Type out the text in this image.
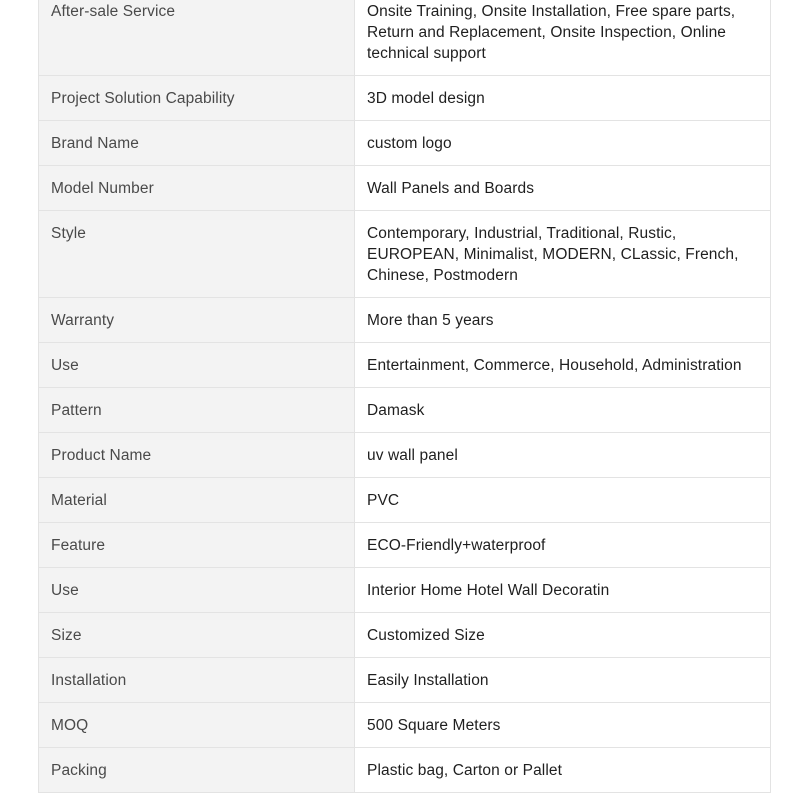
After-sale Service	Onsite Training, Onsite Installation, Free spare parts, Return and Replacement, Onsite Inspection, Online technical support
Project Solution Capability	3D model design
Brand Name	custom logo
Model Number	Wall Panels and Boards
Style	Contemporary, Industrial, Traditional, Rustic, EUROPEAN, Minimalist, MODERN, CLassic, French, Chinese, Postmodern
Warranty	More than 5 years
Use	Entertainment, Commerce, Household, Administration
Pattern	Damask
Product Name	uv wall panel
Material	PVC
Feature	ECO-Friendly+waterproof
Use	Interior Home Hotel Wall Decoratin
Size	Customized Size
Installation	Easily Installation
MOQ	500 Square Meters
Packing	Plastic bag, Carton or Pallet
